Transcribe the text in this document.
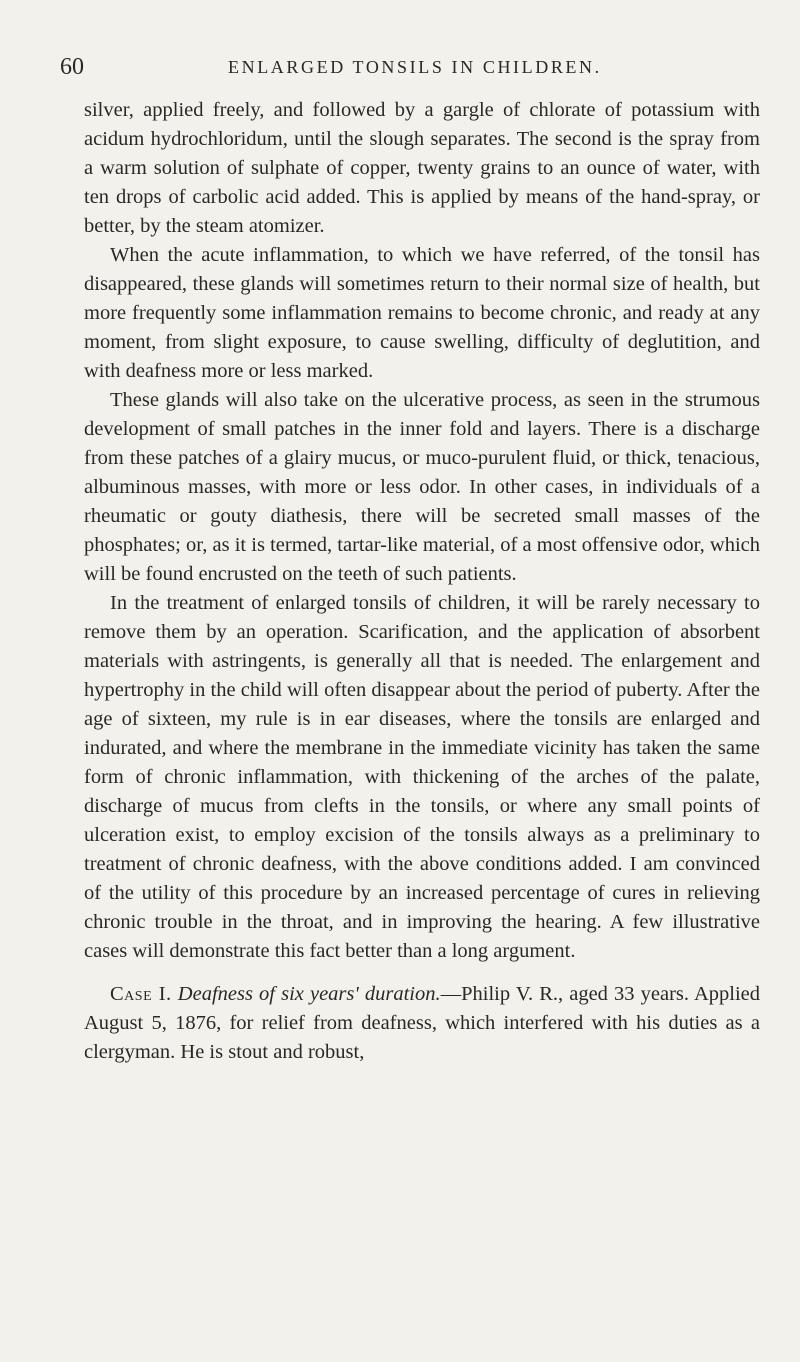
60	ENLARGED TONSILS IN CHILDREN.

silver, applied freely, and followed by a gargle of chlorate of potassium with acidum hydrochloridum, until the slough separates. The second is the spray from a warm solution of sulphate of copper, twenty grains to an ounce of water, with ten drops of carbolic acid added. This is applied by means of the hand-spray, or better, by the steam atomizer.

When the acute inflammation, to which we have referred, of the tonsil has disappeared, these glands will sometimes return to their normal size of health, but more frequently some inflammation remains to become chronic, and ready at any moment, from slight exposure, to cause swelling, difficulty of deglutition, and with deafness more or less marked.

These glands will also take on the ulcerative process, as seen in the strumous development of small patches in the inner fold and layers. There is a discharge from these patches of a glairy mucus, or muco-purulent fluid, or thick, tenacious, albuminous masses, with more or less odor. In other cases, in individuals of a rheumatic or gouty diathesis, there will be secreted small masses of the phosphates; or, as it is termed, tartar-like material, of a most offensive odor, which will be found encrusted on the teeth of such patients.

In the treatment of enlarged tonsils of children, it will be rarely necessary to remove them by an operation. Scarification, and the application of absorbent materials with astringents, is generally all that is needed. The enlargement and hypertrophy in the child will often disappear about the period of puberty. After the age of sixteen, my rule is in ear diseases, where the tonsils are enlarged and indurated, and where the membrane in the immediate vicinity has taken the same form of chronic inflammation, with thickening of the arches of the palate, discharge of mucus from clefts in the tonsils, or where any small points of ulceration exist, to employ excision of the tonsils always as a preliminary to treatment of chronic deafness, with the above conditions added. I am convinced of the utility of this procedure by an increased percentage of cures in relieving chronic trouble in the throat, and in improving the hearing. A few illustrative cases will demonstrate this fact better than a long argument.

Case I. Deafness of six years' duration.—Philip V. R., aged 33 years. Applied August 5, 1876, for relief from deafness, which interfered with his duties as a clergyman. He is stout and robust,
